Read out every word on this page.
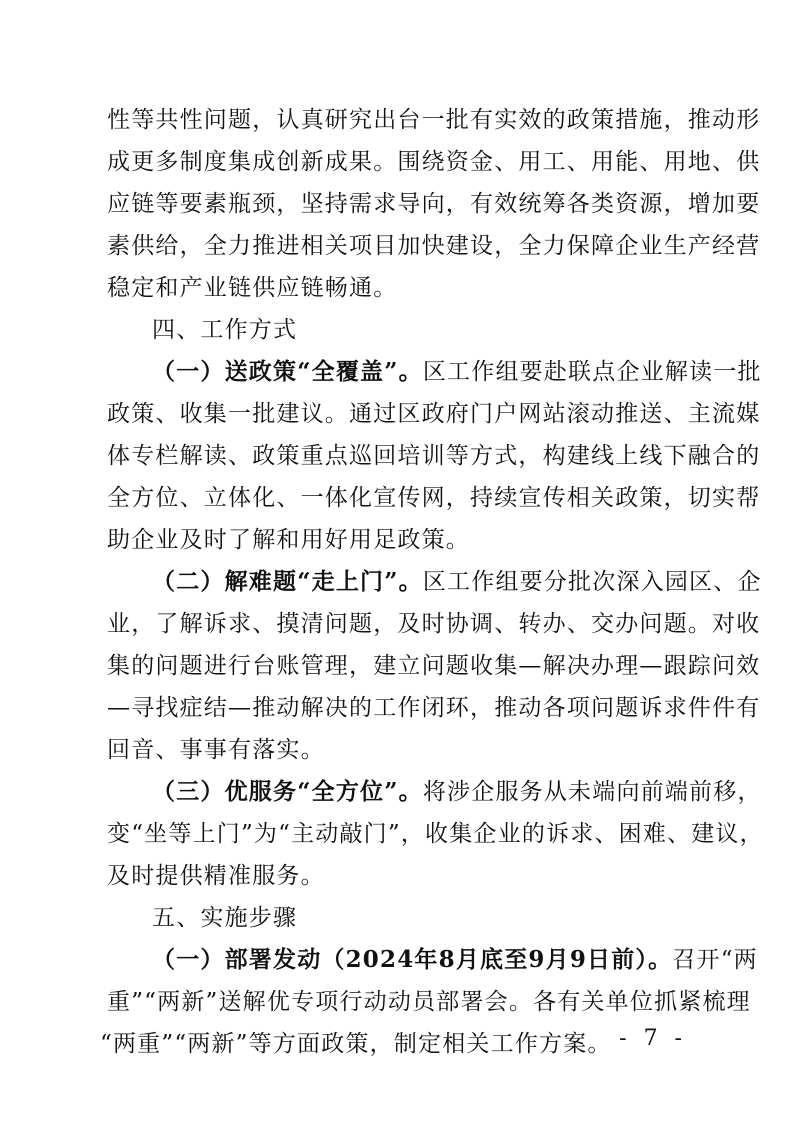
性等共性问题，认真研究出台一批有实效的政策措施，推动形
成更多制度集成创新成果。围绕资金、用工、用能、用地、供
应链等要素瓶颈，坚持需求导向，有效统筹各类资源，增加要
素供给，全力推进相关项目加快建设，全力保障企业生产经营
稳定和产业链供应链畅通。
四、工作方式
（一）送政策“全覆盖”。区工作组要赴联点企业解读一批
政策、收集一批建议。通过区政府门户网站滚动推送、主流媒
体专栏解读、政策重点巡回培训等方式，构建线上线下融合的
全方位、立体化、一体化宣传网，持续宣传相关政策，切实帮
助企业及时了解和用好用足政策。
（二）解难题“走上门”。区工作组要分批次深入园区、企
业，了解诉求、摸清问题，及时协调、转办、交办问题。对收
集的问题进行台账管理，建立问题收集—解决办理—跟踪问效
—寻找症结—推动解决的工作闭环，推动各项问题诉求件件有
回音、事事有落实。
（三）优服务“全方位”。将涉企服务从未端向前端前移，
变“坐等上门”为“主动敲门”，收集企业的诉求、困难、建议，
及时提供精准服务。
五、实施步骤
（一）部署发动（2024年8月底至9月9日前）。召开“两
重”“两新”送解优专项行动动员部署会。各有关单位抓紧梳理
“两重”“两新”等方面政策，制定相关工作方案。 - 7 -
